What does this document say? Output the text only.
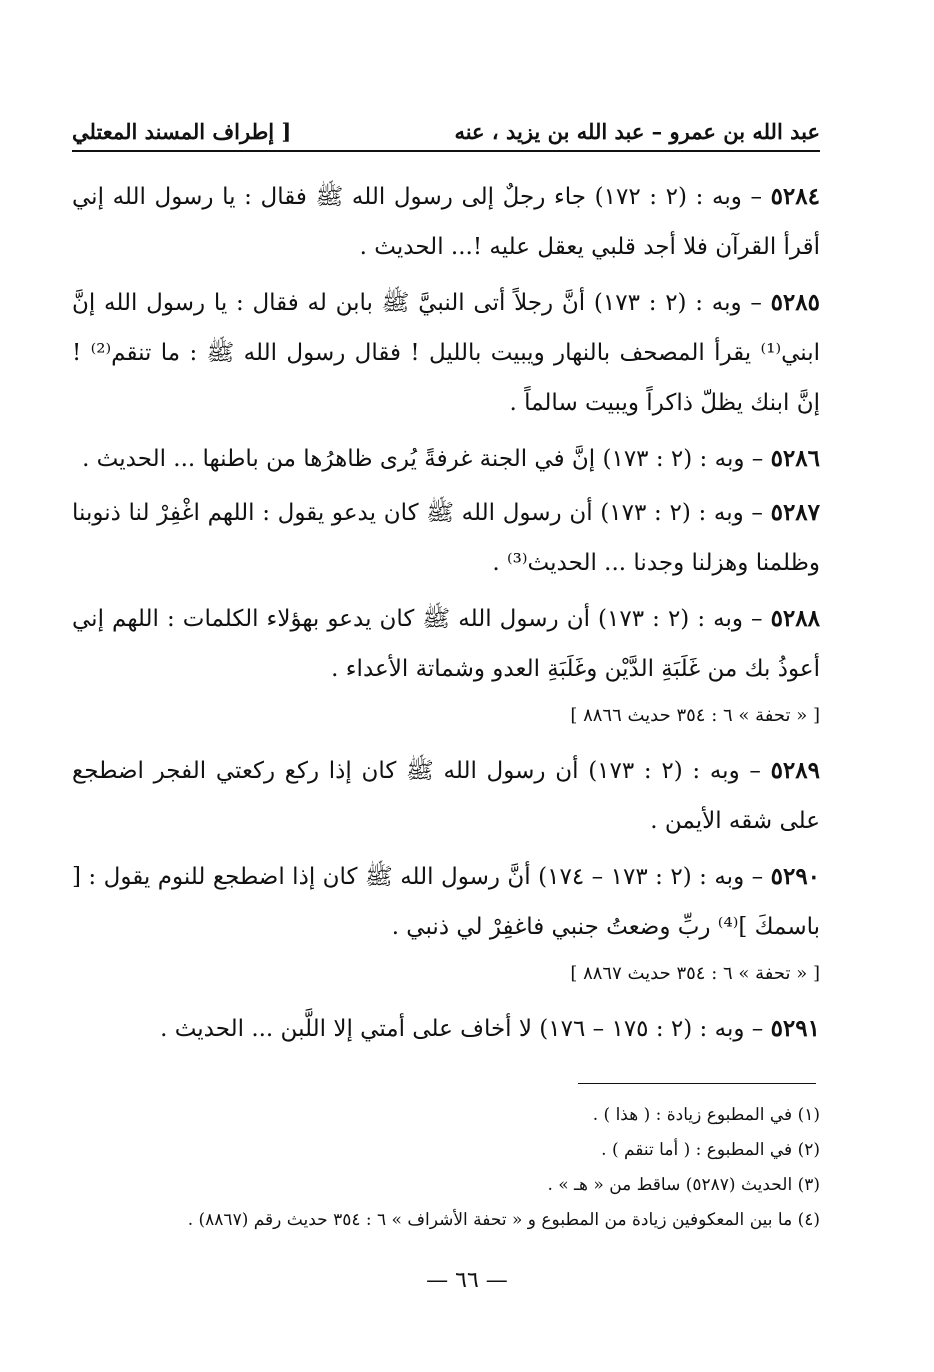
عبد الله بن عمرو – عبد الله بن يزيد ، عنه
[ إطراف المسند المعتلي

٥٢٨٤ – وبه : (٢ : ١٧٢) جاء رجلٌ إلى رسول الله ﷺ فقال : يا رسول الله إني أقرأ القرآن فلا أجد قلبي يعقل عليه !... الحديث .

٥٢٨٥ – وبه : (٢ : ١٧٣) أنَّ رجلاً أتى النبيَّ ﷺ بابن له فقال : يا رسول الله إنَّ ابني⁽¹⁾ يقرأ المصحف بالنهار ويبيت بالليل ! فقال رسول الله ﷺ : ما تنقم⁽²⁾ ! إنَّ ابنك يظلّ ذاكراً ويبيت سالماً .

٥٢٨٦ – وبه : (٢ : ١٧٣) إنَّ في الجنة غرفةً يُرى ظاهرُها من باطنها ... الحديث .

٥٢٨٧ – وبه : (٢ : ١٧٣) أن رسول الله ﷺ كان يدعو يقول : اللهم اغْفِرْ لنا ذنوبنا وظلمنا وهزلنا وجدنا ... الحديث⁽³⁾ .

٥٢٨٨ – وبه : (٢ : ١٧٣) أن رسول الله ﷺ كان يدعو بهؤلاء الكلمات : اللهم إني أعوذُ بك من غَلَبَةِ الدَّيْن وغَلَبَةِ العدو وشماتة الأعداء .

[ « تحفة » ٦ : ٣٥٤ حديث ٨٨٦٦ ]

٥٢٨٩ – وبه : (٢ : ١٧٣) أن رسول الله ﷺ كان إذا ركع ركعتي الفجر اضطجع على شقه الأيمن .

٥٢٩٠ – وبه : (٢ : ١٧٣ – ١٧٤) أنَّ رسول الله ﷺ كان إذا اضطجع للنوم يقول : [ باسمكَ ]⁽⁴⁾ ربِّ وضعتُ جنبي فاغفِرْ لي ذنبي .

[ « تحفة » ٦ : ٣٥٤ حديث ٨٨٦٧ ]

٥٢٩١ – وبه : (٢ : ١٧٥ – ١٧٦) لا أخاف على أمتي إلا اللَّبن ... الحديث .

(١) في المطبوع زيادة : ( هذا ) .

(٢) في المطبوع : ( أما تنقم ) .

(٣) الحديث (٥٢٨٧) ساقط من « هـ » .

(٤) ما بين المعكوفين زيادة من المطبوع و « تحفة الأشراف » ٦ : ٣٥٤ حديث رقم (٨٨٦٧) .

— ٦٦ —
